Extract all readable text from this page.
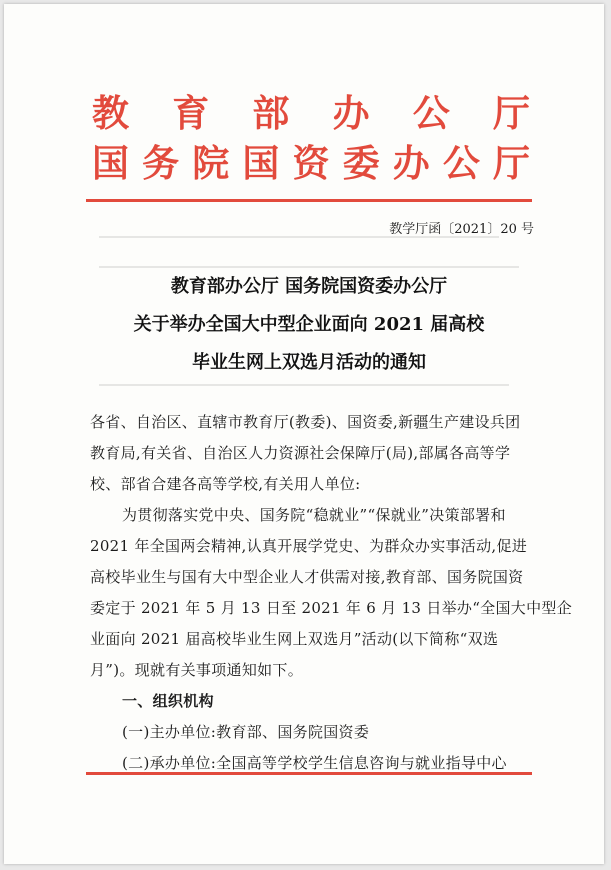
教 育 部 办 公 厅
国 务 院 国 资 委 办 公 厅
教学厅函〔2021〕20 号
教育部办公厅 国务院国资委办公厅
关于举办全国大中型企业面向 2021 届高校
毕业生网上双选月活动的通知
各省、自治区、直辖市教育厅(教委)、国资委,新疆生产建设兵团
教育局,有关省、自治区人力资源社会保障厅(局),部属各高等学
校、部省合建各高等学校,有关用人单位:
为贯彻落实党中央、国务院“稳就业”“保就业”决策部署和
2021 年全国两会精神,认真开展学党史、为群众办实事活动,促进
高校毕业生与国有大中型企业人才供需对接,教育部、国务院国资
委定于 2021 年 5 月 13 日至 2021 年 6 月 13 日举办“全国大中型企
业面向 2021 届高校毕业生网上双选月”活动(以下简称“双选
月”)。现就有关事项通知如下。
一、组织机构
(一)主办单位:教育部、国务院国资委
(二)承办单位:全国高等学校学生信息咨询与就业指导中心
